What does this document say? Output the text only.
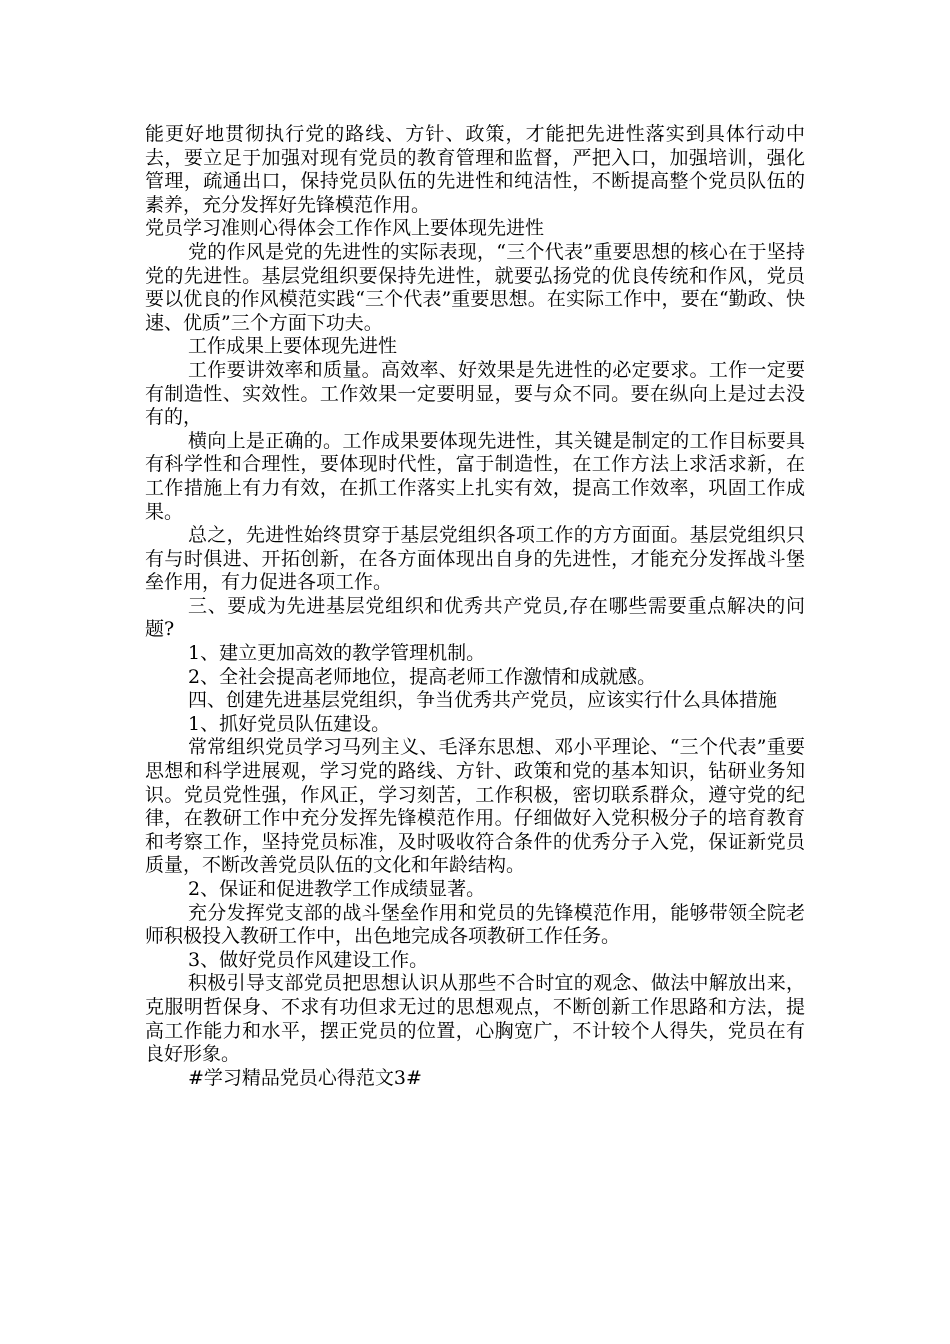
能更好地贯彻执行党的路线、方针、政策，才能把先进性落实到具体行动中去，要立足于加强对现有党员的教育管理和监督，严把入口，加强培训，强化管理，疏通出口，保持党员队伍的先进性和纯洁性，不断提高整个党员队伍的素养，充分发挥好先锋模范作用。

党员学习准则心得体会工作作风上要体现先进性

党的作风是党的先进性的实际表现，“三个代表”重要思想的核心在于坚持党的先进性。基层党组织要保持先进性，就要弘扬党的优良传统和作风，党员要以优良的作风模范实践“三个代表”重要思想。在实际工作中，要在“勤政、快速、优质”三个方面下功夫。

工作成果上要体现先进性

工作要讲效率和质量。高效率、好效果是先进性的必定要求。工作一定要有制造性、实效性。工作效果一定要明显，要与众不同。要在纵向上是过去没有的，

横向上是正确的。工作成果要体现先进性，其关键是制定的工作目标要具有科学性和合理性，要体现时代性，富于制造性，在工作方法上求活求新，在工作措施上有力有效，在抓工作落实上扎实有效，提高工作效率，巩固工作成果。

总之，先进性始终贯穿于基层党组织各项工作的方方面面。基层党组织只有与时俱进、开拓创新，在各方面体现出自身的先进性，才能充分发挥战斗堡垒作用，有力促进各项工作。

三、要成为先进基层党组织和优秀共产党员,存在哪些需要重点解决的问题?

1、建立更加高效的教学管理机制。

2、全社会提高老师地位，提高老师工作激情和成就感。

四、创建先进基层党组织，争当优秀共产党员，应该实行什么具体措施

1、抓好党员队伍建设。

常常组织党员学习马列主义、毛泽东思想、邓小平理论、“三个代表”重要思想和科学进展观，学习党的路线、方针、政策和党的基本知识，钻研业务知识。党员党性强，作风正，学习刻苦，工作积极，密切联系群众，遵守党的纪律，在教研工作中充分发挥先锋模范作用。仔细做好入党积极分子的培育教育和考察工作，坚持党员标准，及时吸收符合条件的优秀分子入党，保证新党员质量，不断改善党员队伍的文化和年龄结构。

2、保证和促进教学工作成绩显著。

充分发挥党支部的战斗堡垒作用和党员的先锋模范作用，能够带领全院老师积极投入教研工作中，出色地完成各项教研工作任务。

3、做好党员作风建设工作。

积极引导支部党员把思想认识从那些不合时宜的观念、做法中解放出来，克服明哲保身、不求有功但求无过的思想观点，不断创新工作思路和方法，提高工作能力和水平，摆正党员的位置，心胸宽广，不计较个人得失，党员在有良好形象。

#学习精品党员心得范文3#
